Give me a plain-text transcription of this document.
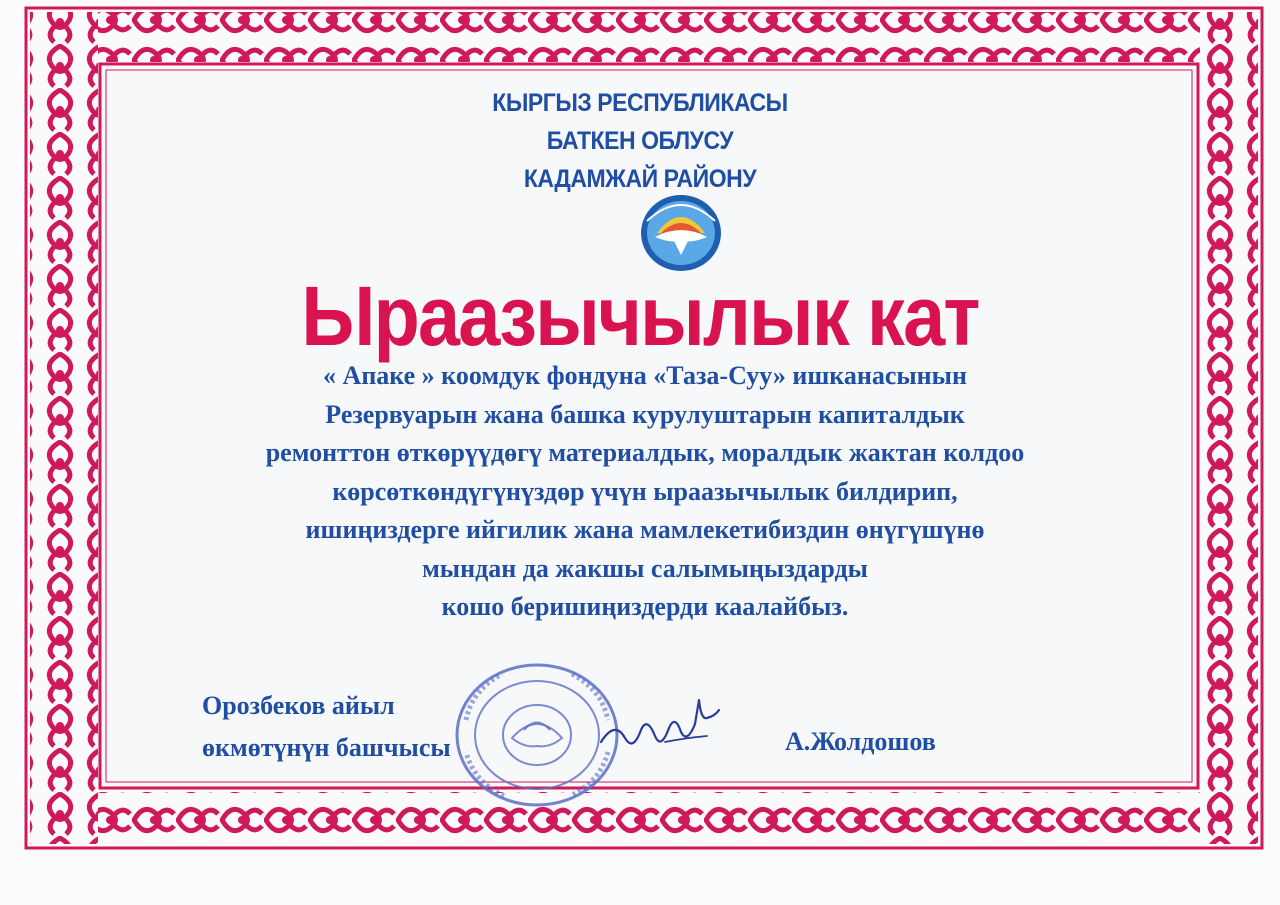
КЫРГЫЗ РЕСПУБЛИКАСЫ
БАТКЕН ОБЛУСУ
КАДАМЖАЙ РАЙОНУ
Ыраазычылык кат
« Апаке » коомдук фондуна «Таза-Суу» ишканасынын
Резервуарын жана башка курулуштарын капиталдык
ремонттон өткөрүүдөгү материалдык, моралдык жактан колдоо
көрсөткөндүгүнүздөр үчүн ыраазычылык билдирип,
ишиңиздерге ийгилик жана мамлекетибиздин өнүгүшүнө
мындан да жакшы салымыңыздарды
кошо беришиңиздерди каалайбыз.
Орозбеков айыл
өкмөтүнүн башчысы	А.Жолдошов
